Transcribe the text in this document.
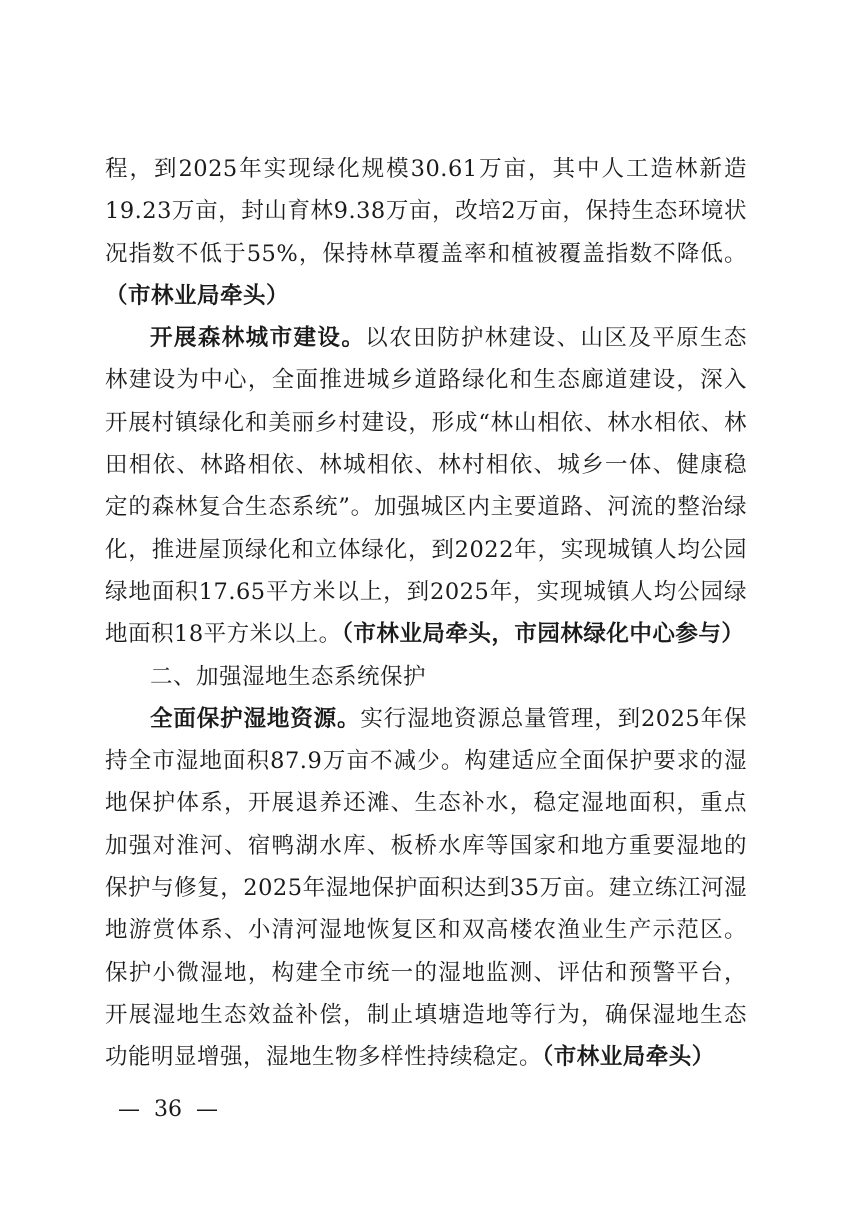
程，到2025年实现绿化规模30.61万亩，其中人工造林新造19.23万亩，封山育林9.38万亩，改培2万亩，保持生态环境状况指数不低于55%，保持林草覆盖率和植被覆盖指数不降低。（市林业局牵头）

开展森林城市建设。以农田防护林建设、山区及平原生态林建设为中心，全面推进城乡道路绿化和生态廊道建设，深入开展村镇绿化和美丽乡村建设，形成“林山相依、林水相依、林田相依、林路相依、林城相依、林村相依、城乡一体、健康稳定的森林复合生态系统”。加强城区内主要道路、河流的整治绿化，推进屋顶绿化和立体绿化，到2022年，实现城镇人均公园绿地面积17.65平方米以上，到2025年，实现城镇人均公园绿地面积18平方米以上。（市林业局牵头，市园林绿化中心参与）

二、加强湿地生态系统保护

全面保护湿地资源。实行湿地资源总量管理，到2025年保持全市湿地面积87.9万亩不减少。构建适应全面保护要求的湿地保护体系，开展退养还滩、生态补水，稳定湿地面积，重点加强对淮河、宿鸭湖水库、板桥水库等国家和地方重要湿地的保护与修复，2025年湿地保护面积达到35万亩。建立练江河湿地游赏体系、小清河湿地恢复区和双高楼农渔业生产示范区。保护小微湿地，构建全市统一的湿地监测、评估和预警平台，开展湿地生态效益补偿，制止填塘造地等行为，确保湿地生态功能明显增强，湿地生物多样性持续稳定。（市林业局牵头）

—  36  —
